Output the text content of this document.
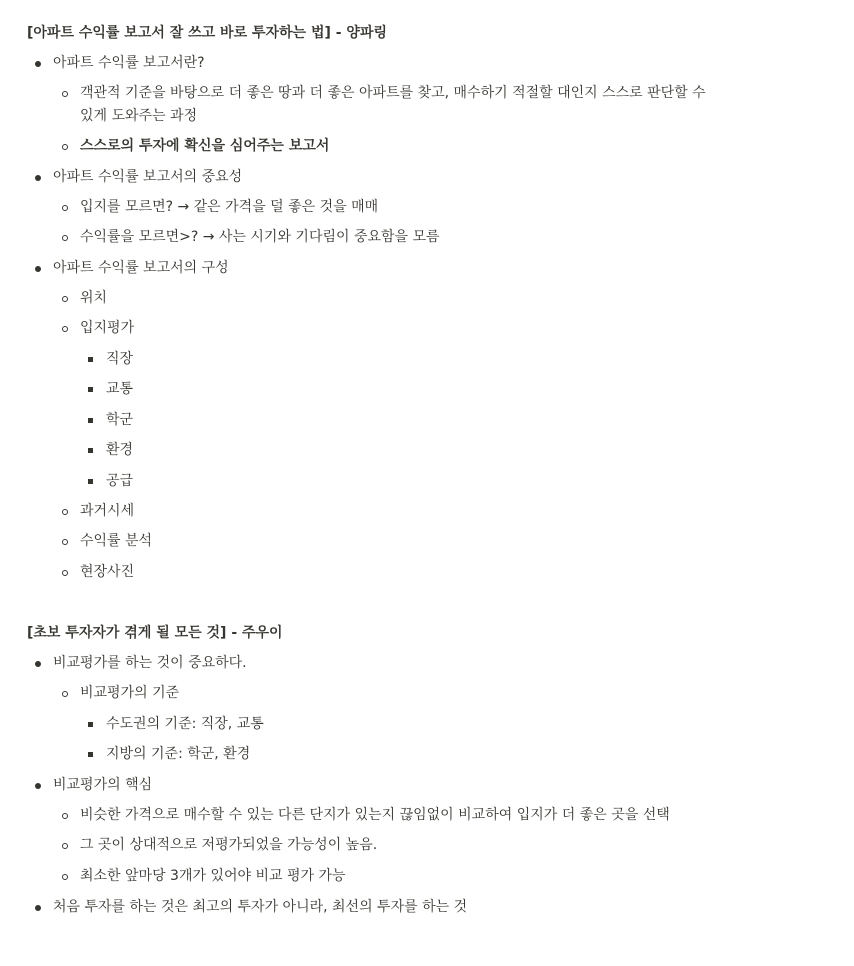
[아파트 수익률 보고서 잘 쓰고 바로 투자하는 법] - 양파링
아파트 수익률 보고서란?
객관적 기준을 바탕으로 더 좋은 땅과 더 좋은 아파트를 찾고, 매수하기 적절할 대인지 스스로 판단할 수
있게 도와주는 과정
스스로의 투자에 확신을 심어주는 보고서
아파트 수익률 보고서의 중요성
입지를 모르면? → 같은 가격을 덜 좋은 것을 매매
수익률을 모르면>? → 사는 시기와 기다림이 중요함을 모름
아파트 수익률 보고서의 구성
위치
입지평가
직장
교통
학군
환경
공급
과거시세
수익률 분석
현장사진
[초보 투자자가 겪게 될 모든 것] - 주우이
비교평가를 하는 것이 중요하다.
비교평가의 기준
수도권의 기준: 직장, 교통
지방의 기준: 학군, 환경
비교평가의 핵심
비슷한 가격으로 매수할 수 있는 다른 단지가 있는지 끊임없이 비교하여 입지가 더 좋은 곳을 선택
그 곳이 상대적으로 저평가되었을 가능성이 높음.
최소한 앞마당 3개가 있어야 비교 평가 가능
처음 투자를 하는 것은 최고의 투자가 아니라, 최선의 투자를 하는 것
